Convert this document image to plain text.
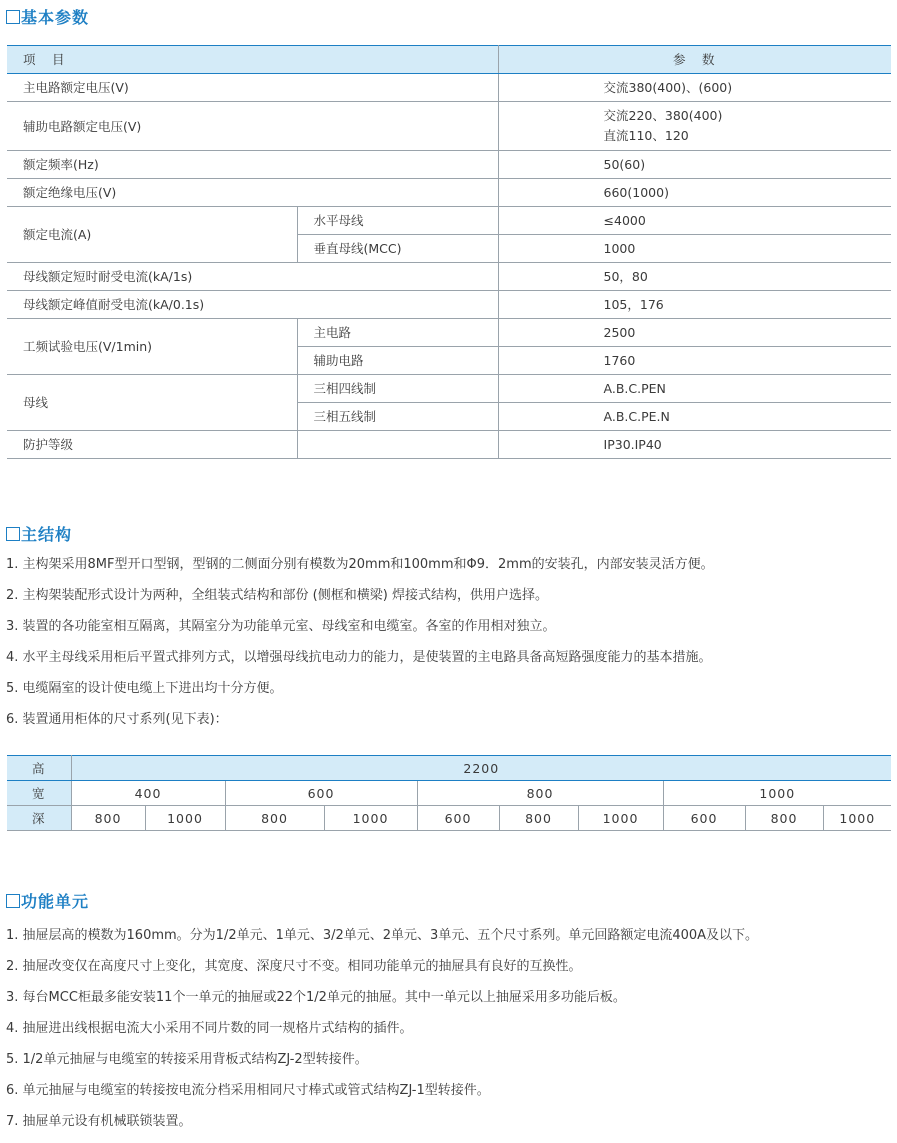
基本参数
项　目		参　数
主电路额定电压(V)		交流380(400)、(600)
辅助电路额定电压(V)		交流220、380(400)
直流110、120
额定频率(Hz)		50(60)
额定绝缘电压(V)		660(1000)
额定电流(A)	水平母线	≤4000
	垂直母线(MCC)	1000
母线额定短时耐受电流(kA/1s)		50，80
母线额定峰值耐受电流(kA/0.1s)		105，176
工频试验电压(V/1min)	主电路	2500
	辅助电路	1760
母线	三相四线制	A.B.C.PEN
	三相五线制	A.B.C.PE.N
防护等级		IP30.IP40
主结构
1. 主构架采用8MF型开口型钢，型钢的二侧面分别有模数为20mm和100mm和Φ9．2mm的安装孔，内部安装灵活方便。
2. 主构架装配形式设计为两种，全组装式结构和部份 (侧框和横梁) 焊接式结构，供用户选择。
3. 装置的各功能室相互隔离，其隔室分为功能单元室、母线室和电缆室。各室的作用相对独立。
4. 水平主母线采用柜后平置式排列方式，以增强母线抗电动力的能力，是使装置的主电路具备高短路强度能力的基本措施。
5. 电缆隔室的设计使电缆上下进出均十分方便。
6. 装置通用柜体的尺寸系列(见下表)：
高	2200									
宽	400		600		800			1000		
深	800	1000	800	1000	600	800	1000	600	800	1000
功能单元
1. 抽屉层高的模数为160mm。分为1/2单元、1单元、3/2单元、2单元、3单元、五个尺寸系列。单元回路额定电流400A及以下。
2. 抽屉改变仅在高度尺寸上变化，其宽度、深度尺寸不变。相同功能单元的抽屉具有良好的互换性。
3. 每台MCC柜最多能安装11个一单元的抽屉或22个1/2单元的抽屉。其中一单元以上抽屉采用多功能后板。
4. 抽屉进出线根据电流大小采用不同片数的同一规格片式结构的插件。
5. 1/2单元抽屉与电缆室的转接采用背板式结构ZJ-2型转接件。
6. 单元抽屉与电缆室的转接按电流分档采用相同尺寸棒式或管式结构ZJ-1型转接件。
7. 抽屉单元设有机械联锁装置。
